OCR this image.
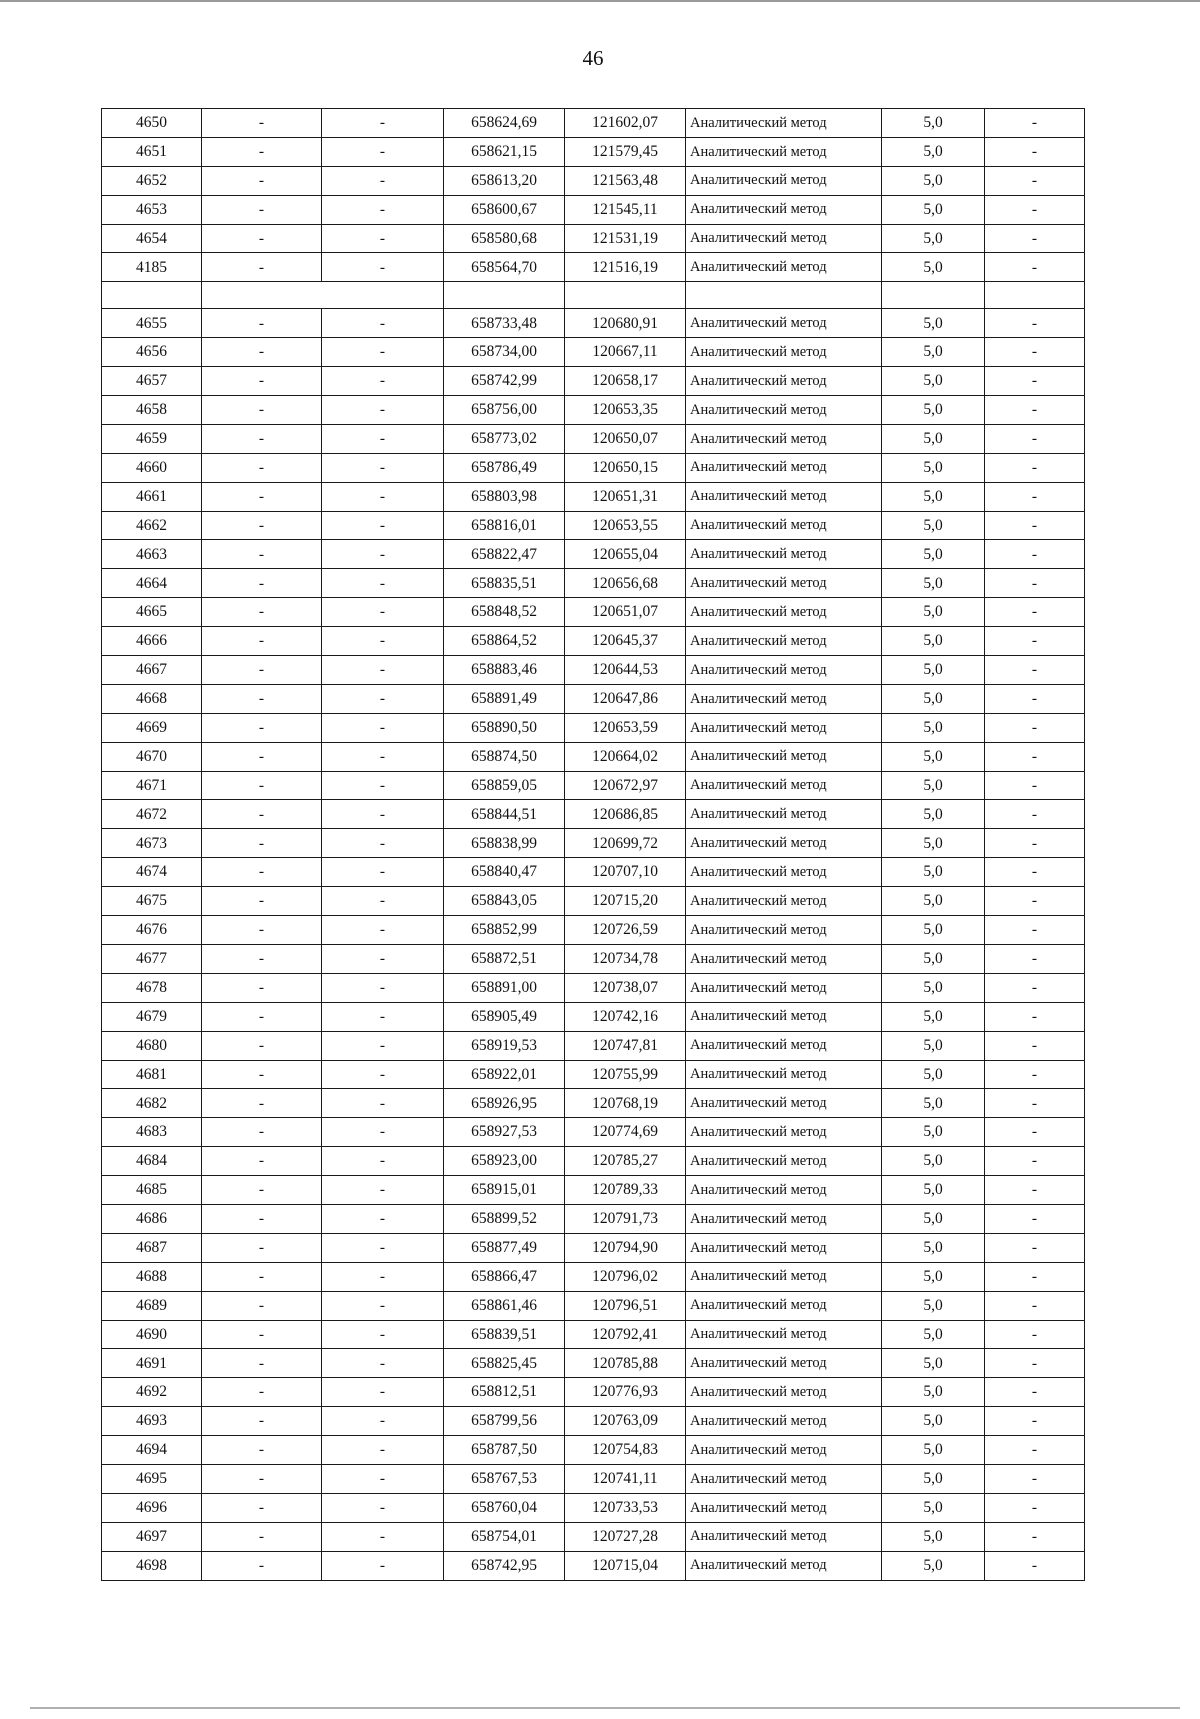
46
4650	-	-	658624,69	121602,07	Аналитический метод	5,0	-
4651	-	-	658621,15	121579,45	Аналитический метод	5,0	-
4652	-	-	658613,20	121563,48	Аналитический метод	5,0	-
4653	-	-	658600,67	121545,11	Аналитический метод	5,0	-
4654	-	-	658580,68	121531,19	Аналитический метод	5,0	-
4185	-	-	658564,70	121516,19	Аналитический метод	5,0	-

4655	-	-	658733,48	120680,91	Аналитический метод	5,0	-
4656	-	-	658734,00	120667,11	Аналитический метод	5,0	-
4657	-	-	658742,99	120658,17	Аналитический метод	5,0	-
4658	-	-	658756,00	120653,35	Аналитический метод	5,0	-
4659	-	-	658773,02	120650,07	Аналитический метод	5,0	-
4660	-	-	658786,49	120650,15	Аналитический метод	5,0	-
4661	-	-	658803,98	120651,31	Аналитический метод	5,0	-
4662	-	-	658816,01	120653,55	Аналитический метод	5,0	-
4663	-	-	658822,47	120655,04	Аналитический метод	5,0	-
4664	-	-	658835,51	120656,68	Аналитический метод	5,0	-
4665	-	-	658848,52	120651,07	Аналитический метод	5,0	-
4666	-	-	658864,52	120645,37	Аналитический метод	5,0	-
4667	-	-	658883,46	120644,53	Аналитический метод	5,0	-
4668	-	-	658891,49	120647,86	Аналитический метод	5,0	-
4669	-	-	658890,50	120653,59	Аналитический метод	5,0	-
4670	-	-	658874,50	120664,02	Аналитический метод	5,0	-
4671	-	-	658859,05	120672,97	Аналитический метод	5,0	-
4672	-	-	658844,51	120686,85	Аналитический метод	5,0	-
4673	-	-	658838,99	120699,72	Аналитический метод	5,0	-
4674	-	-	658840,47	120707,10	Аналитический метод	5,0	-
4675	-	-	658843,05	120715,20	Аналитический метод	5,0	-
4676	-	-	658852,99	120726,59	Аналитический метод	5,0	-
4677	-	-	658872,51	120734,78	Аналитический метод	5,0	-
4678	-	-	658891,00	120738,07	Аналитический метод	5,0	-
4679	-	-	658905,49	120742,16	Аналитический метод	5,0	-
4680	-	-	658919,53	120747,81	Аналитический метод	5,0	-
4681	-	-	658922,01	120755,99	Аналитический метод	5,0	-
4682	-	-	658926,95	120768,19	Аналитический метод	5,0	-
4683	-	-	658927,53	120774,69	Аналитический метод	5,0	-
4684	-	-	658923,00	120785,27	Аналитический метод	5,0	-
4685	-	-	658915,01	120789,33	Аналитический метод	5,0	-
4686	-	-	658899,52	120791,73	Аналитический метод	5,0	-
4687	-	-	658877,49	120794,90	Аналитический метод	5,0	-
4688	-	-	658866,47	120796,02	Аналитический метод	5,0	-
4689	-	-	658861,46	120796,51	Аналитический метод	5,0	-
4690	-	-	658839,51	120792,41	Аналитический метод	5,0	-
4691	-	-	658825,45	120785,88	Аналитический метод	5,0	-
4692	-	-	658812,51	120776,93	Аналитический метод	5,0	-
4693	-	-	658799,56	120763,09	Аналитический метод	5,0	-
4694	-	-	658787,50	120754,83	Аналитический метод	5,0	-
4695	-	-	658767,53	120741,11	Аналитический метод	5,0	-
4696	-	-	658760,04	120733,53	Аналитический метод	5,0	-
4697	-	-	658754,01	120727,28	Аналитический метод	5,0	-
4698	-	-	658742,95	120715,04	Аналитический метод	5,0	-
